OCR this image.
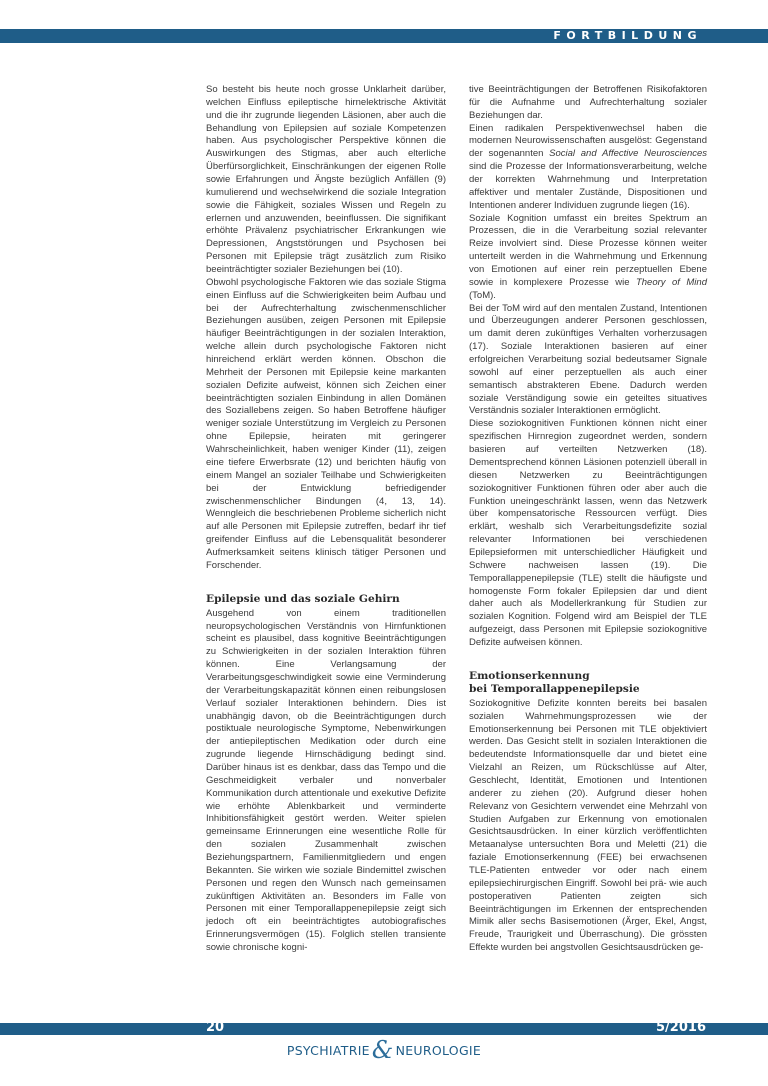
FORTBILDUNG

So besteht bis heute noch grosse Unklarheit darüber, welchen Einfluss epileptische hirnelektrische Aktivität und die ihr zugrunde liegenden Läsionen, aber auch die Behandlung von Epilepsien auf soziale Kompetenzen haben. Aus psychologischer Perspektive können die Auswirkungen des Stigmas, aber auch elterliche Überfürsorglichkeit, Einschränkungen der eigenen Rolle sowie Erfahrungen und Ängste bezüglich Anfällen (9) kumulierend und wechselwirkend die soziale Integration sowie die Fähigkeit, soziales Wissen und Regeln zu erlernen und anzuwenden, beeinflussen. Die signifikant erhöhte Prävalenz psychiatrischer Erkrankungen wie Depressionen, Angststörungen und Psychosen bei Personen mit Epilepsie trägt zusätzlich zum Risiko beeinträchtigter sozialer Beziehungen bei (10).

Obwohl psychologische Faktoren wie das soziale Stigma einen Einfluss auf die Schwierigkeiten beim Aufbau und bei der Aufrechterhaltung zwischenmenschlicher Beziehungen ausüben, zeigen Personen mit Epilepsie häufiger Beeinträchtigungen in der sozialen Interaktion, welche allein durch psychologische Faktoren nicht hinreichend erklärt werden können. Obschon die Mehrheit der Personen mit Epilepsie keine markanten sozialen Defizite aufweist, können sich Zeichen einer beeinträchtigten sozialen Einbindung in allen Domänen des Soziallebens zeigen. So haben Betroffene häufiger weniger soziale Unterstützung im Vergleich zu Personen ohne Epilepsie, heiraten mit geringerer Wahrscheinlichkeit, haben weniger Kinder (11), zeigen eine tiefere Erwerbsrate (12) und berichten häufig von einem Mangel an sozialer Teilhabe und Schwierigkeiten bei der Entwicklung befriedigender zwischenmenschlicher Bindungen (4, 13, 14). Wenngleich die beschriebenen Probleme sicherlich nicht auf alle Personen mit Epilepsie zutreffen, bedarf ihr tief greifender Einfluss auf die Lebensqualität besonderer Aufmerksamkeit seitens klinisch tätiger Personen und Forschender.

Epilepsie und das soziale Gehirn

Ausgehend von einem traditionellen neuropsychologischen Verständnis von Hirnfunktionen scheint es plausibel, dass kognitive Beeinträchtigungen zu Schwierigkeiten in der sozialen Interaktion führen können. Eine Verlangsamung der Verarbeitungsgeschwindigkeit sowie eine Verminderung der Verarbeitungskapazität können einen reibungslosen Verlauf sozialer Interaktionen behindern. Dies ist unabhängig davon, ob die Beeinträchtigungen durch postiktuale neurologische Symptome, Nebenwirkungen der antiepileptischen Medikation oder durch eine zugrunde liegende Hirnschädigung bedingt sind. Darüber hinaus ist es denkbar, dass das Tempo und die Geschmeidigkeit verbaler und nonverbaler Kommunikation durch attentionale und exekutive Defizite wie erhöhte Ablenkbarkeit und verminderte Inhibitionsfähigkeit gestört werden. Weiter spielen gemeinsame Erinnerungen eine wesentliche Rolle für den sozialen Zusammenhalt zwischen Beziehungspartnern, Familienmitgliedern und engen Bekannten. Sie wirken wie soziale Bindemittel zwischen Personen und regen den Wunsch nach gemeinsamen zukünftigen Aktivitäten an. Besonders im Falle von Personen mit einer Temporallappenepilepsie zeigt sich jedoch oft ein beeinträchtigtes autobiografisches Erinnerungsvermögen (15). Folglich stellen transiente sowie chronische kogni-

tive Beeinträchtigungen der Betroffenen Risikofaktoren für die Aufnahme und Aufrechterhaltung sozialer Beziehungen dar.

Einen radikalen Perspektivenwechsel haben die modernen Neurowissenschaften ausgelöst: Gegenstand der sogenannten Social and Affective Neurosciences sind die Prozesse der Informationsverarbeitung, welche der korrekten Wahrnehmung und Interpretation affektiver und mentaler Zustände, Dispositionen und Intentionen anderer Individuen zugrunde liegen (16).

Soziale Kognition umfasst ein breites Spektrum an Prozessen, die in die Verarbeitung sozial relevanter Reize involviert sind. Diese Prozesse können weiter unterteilt werden in die Wahrnehmung und Erkennung von Emotionen auf einer rein perzeptuellen Ebene sowie in komplexere Prozesse wie Theory of Mind (ToM).

Bei der ToM wird auf den mentalen Zustand, Intentionen und Überzeugungen anderer Personen geschlossen, um damit deren zukünftiges Verhalten vorherzusagen (17). Soziale Interaktionen basieren auf einer erfolgreichen Verarbeitung sozial bedeutsamer Signale sowohl auf einer perzeptuellen als auch einer semantisch abstrakteren Ebene. Dadurch werden soziale Verständigung sowie ein geteiltes situatives Verständnis sozialer Interaktionen ermöglicht.

Diese soziokognitiven Funktionen können nicht einer spezifischen Hirnregion zugeordnet werden, sondern basieren auf verteilten Netzwerken (18). Dementsprechend können Läsionen potenziell überall in diesen Netzwerken zu Beeinträchtigungen soziokognitiver Funktionen führen oder aber auch die Funktion uneingeschränkt lassen, wenn das Netzwerk über kompensatorische Ressourcen verfügt. Dies erklärt, weshalb sich Verarbeitungsdefizite sozial relevanter Informationen bei verschiedenen Epilepsieformen mit unterschiedlicher Häufigkeit und Schwere nachweisen lassen (19). Die Temporallappenepilepsie (TLE) stellt die häufigste und homogenste Form fokaler Epilepsien dar und dient daher auch als Modellerkrankung für Studien zur sozialen Kognition. Folgend wird am Beispiel der TLE aufgezeigt, dass Personen mit Epilepsie soziokognitive Defizite aufweisen können.

Emotionserkennung
bei Temporallappenepilepsie

Soziokognitive Defizite konnten bereits bei basalen sozialen Wahrnehmungsprozessen wie der Emotionserkennung bei Personen mit TLE objektiviert werden. Das Gesicht stellt in sozialen Interaktionen die bedeutendste Informationsquelle dar und bietet eine Vielzahl an Reizen, um Rückschlüsse auf Alter, Geschlecht, Identität, Emotionen und Intentionen anderer zu ziehen (20). Aufgrund dieser hohen Relevanz von Gesichtern verwendet eine Mehrzahl von Studien Aufgaben zur Erkennung von emotionalen Gesichtsausdrücken. In einer kürzlich veröffentlichten Metaanalyse untersuchten Bora und Meletti (21) die faziale Emotionserkennung (FEE) bei erwachsenen TLE-Patienten entweder vor oder nach einem epilepsiechirurgischen Eingriff. Sowohl bei prä- wie auch postoperativen Patienten zeigten sich Beeinträchtigungen im Erkennen der entsprechenden Mimik aller sechs Basisemotionen (Ärger, Ekel, Angst, Freude, Traurigkeit und Überraschung). Die grössten Effekte wurden bei angstvollen Gesichtsausdrücken ge-

20	5/2016
PSYCHIATRIE& NEUROLOGIE
